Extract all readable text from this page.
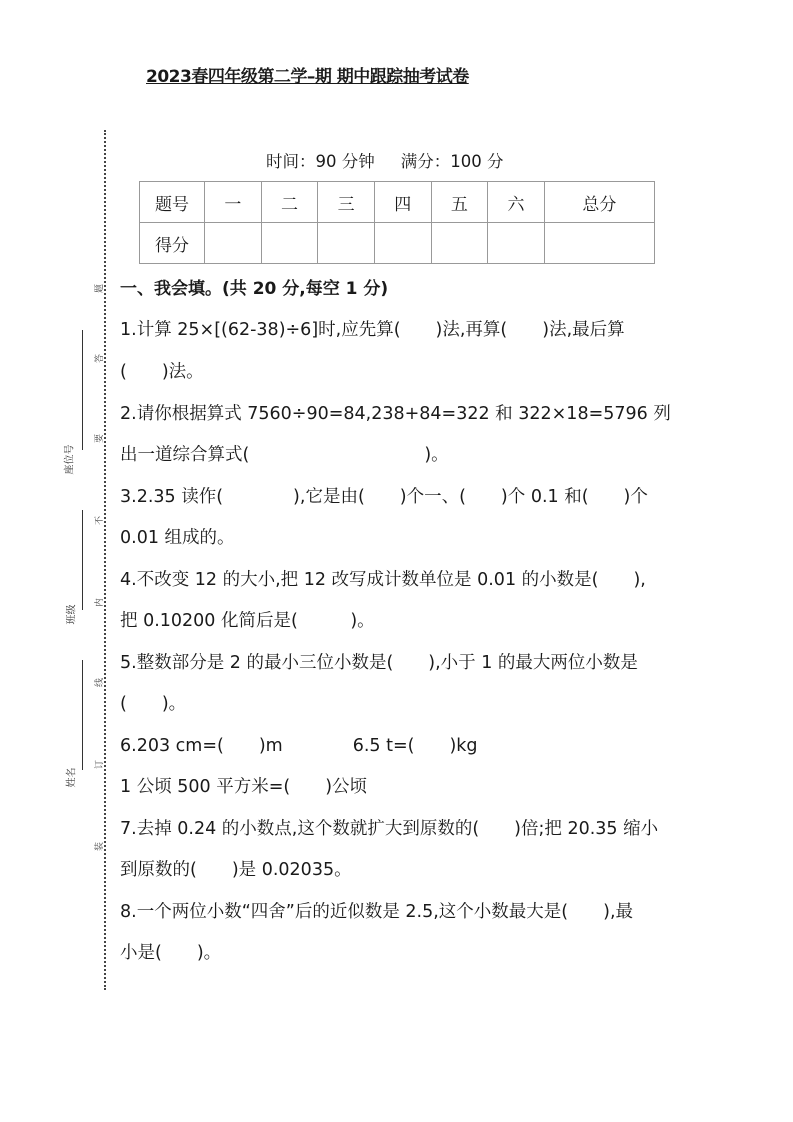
2023春四年级第二学–期 期中跟踪抽考试卷
时间：90 分钟 满分：100 分
题号	一	二	三	四	五	六	总分
得分							
一、我会填。(共 20 分,每空 1 分)
1.计算 25×[(62-38)÷6]时,应先算(　　)法,再算(　　)法,最后算
(　　)法。
2.请你根据算式 7560÷90=84,238+84=322 和 322×18=5796 列
出一道综合算式(　　　　　　　　　　)。
3.2.35 读作(　　　　),它是由(　　)个一、(　　)个 0.1 和(　　)个
0.01 组成的。
4.不改变 12 的大小,把 12 改写成计数单位是 0.01 的小数是(　　),
把 0.10200 化简后是(　　　)。
5.整数部分是 2 的最小三位小数是(　　),小于 1 的最大两位小数是
(　　)。
6.203 cm=(　　)m　　　　6.5 t=(　　)kg
1 公顷 500 平方米=(　　)公顷
7.去掉 0.24 的小数点,这个数就扩大到原数的(　　)倍;把 20.35 缩小
到原数的(　　)是 0.02035。
8.一个两位小数“四舍”后的近似数是 2.5,这个小数最大是(　　),最
小是(　　)。
题
答
要
不
内
线
订
装
座位号
班级
姓名
